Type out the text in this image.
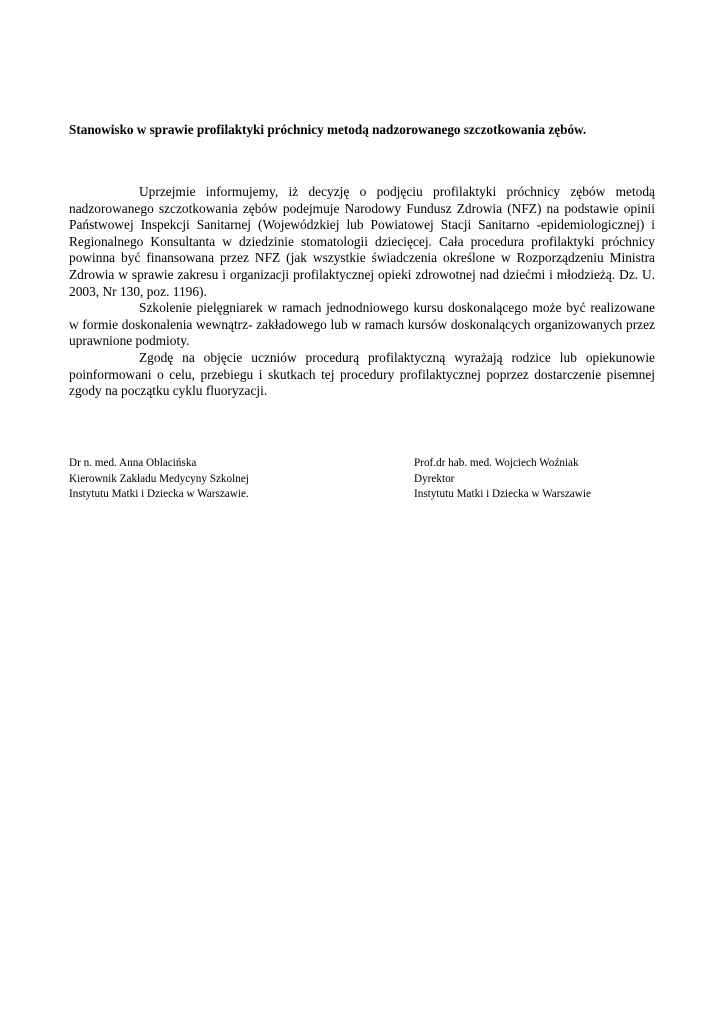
Stanowisko w sprawie profilaktyki próchnicy metodą nadzorowanego szczotkowania zębów.

Uprzejmie informujemy, iż decyzję o podjęciu profilaktyki próchnicy zębów metodą nadzorowanego szczotkowania zębów podejmuje Narodowy Fundusz Zdrowia (NFZ) na podstawie opinii Państwowej Inspekcji Sanitarnej (Wojewódzkiej lub Powiatowej Stacji Sanitarno -epidemiologicznej) i Regionalnego Konsultanta w dziedzinie stomatologii dziecięcej. Cała procedura profilaktyki próchnicy powinna być finansowana przez NFZ (jak wszystkie świadczenia określone w Rozporządzeniu Ministra Zdrowia w sprawie zakresu i organizacji profilaktycznej opieki zdrowotnej nad dziećmi i młodzieżą. Dz. U. 2003, Nr 130, poz. 1196).

Szkolenie pielęgniarek w ramach jednodniowego kursu doskonalącego może być realizowane w formie doskonalenia wewnątrz- zakładowego lub w ramach kursów doskonalących organizowanych przez uprawnione podmioty.

Zgodę na objęcie uczniów procedurą profilaktyczną wyrażają rodzice lub opiekunowie poinformowani o celu, przebiegu i skutkach tej procedury profilaktycznej poprzez dostarczenie pisemnej zgody na początku cyklu fluoryzacji.

Dr n. med. Anna Oblacińska
Kierownik Zakładu Medycyny Szkolnej
Instytutu Matki i Dziecka w Warszawie.
Prof.dr hab. med. Wojciech Woźniak
Dyrektor
Instytutu Matki i Dziecka w Warszawie
